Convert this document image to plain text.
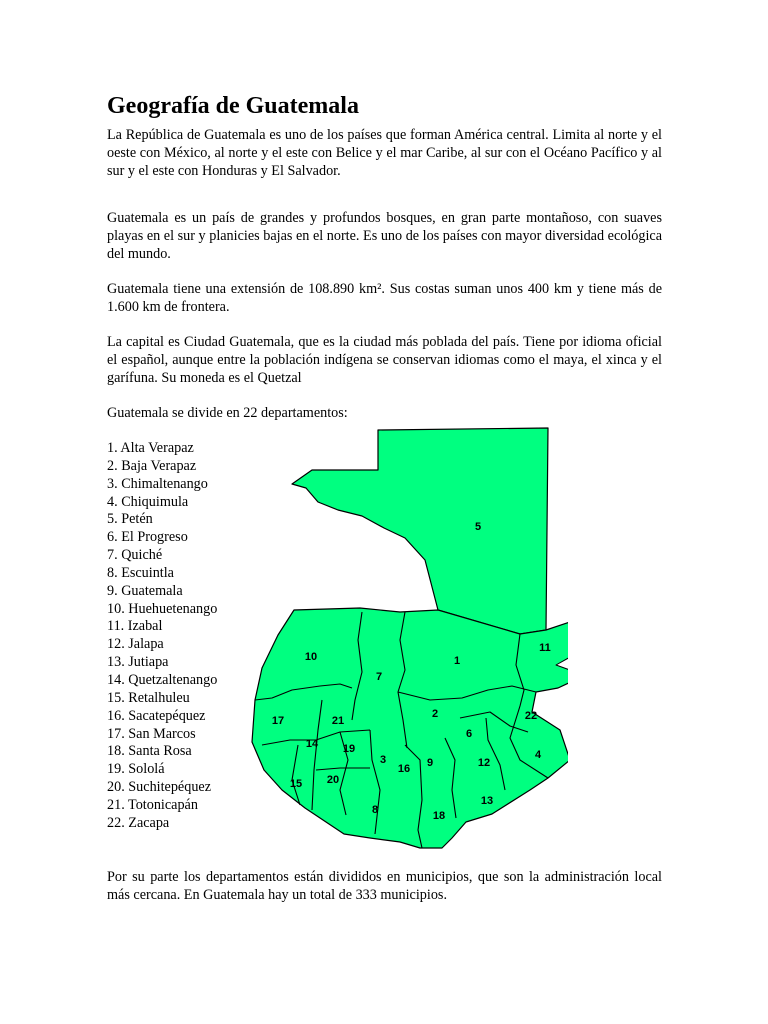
Geografía de Guatemala

La República de Guatemala es uno de los países que forman América central. Limita al norte y el oeste con México, al norte y el este con Belice y el mar Caribe, al sur con el Océano Pacífico y al sur y el este con Honduras y El Salvador.

Guatemala es un país de grandes y profundos bosques, en gran parte montañoso, con suaves playas en el sur y planicies bajas en el norte. Es uno de los países con mayor diversidad ecológica del mundo.

Guatemala tiene una extensión de 108.890 km². Sus costas suman unos 400 km y tiene más de 1.600 km de frontera.

La capital es Ciudad Guatemala, que es la ciudad más poblada del país. Tiene por idioma oficial el español, aunque entre la población indígena se conservan idiomas como el maya, el xinca y el garífuna. Su moneda es el Quetzal

Guatemala se divide en 22 departamentos:

1. Alta Verapaz
2. Baja Verapaz
3. Chimaltenango
4. Chiquimula
5. Petén
6. El Progreso
7. Quiché
8. Escuintla
9. Guatemala
10. Huehuetenango
11. Izabal
12. Jalapa
13. Jutiapa
14. Quetzaltenango
15. Retalhuleu
16. Sacatepéquez
17. San Marcos
18. Santa Rosa
19. Sololá
20. Suchitepéquez
21. Totonicapán
22. Zacapa
1
2
3	4
5
6
7
8
9
10
11
12
13
14
15
16
17
18
19
20
21	22

Por su parte los departamentos están divididos en municipios, que son la administración local más cercana. En Guatemala hay un total de 333 municipios.
